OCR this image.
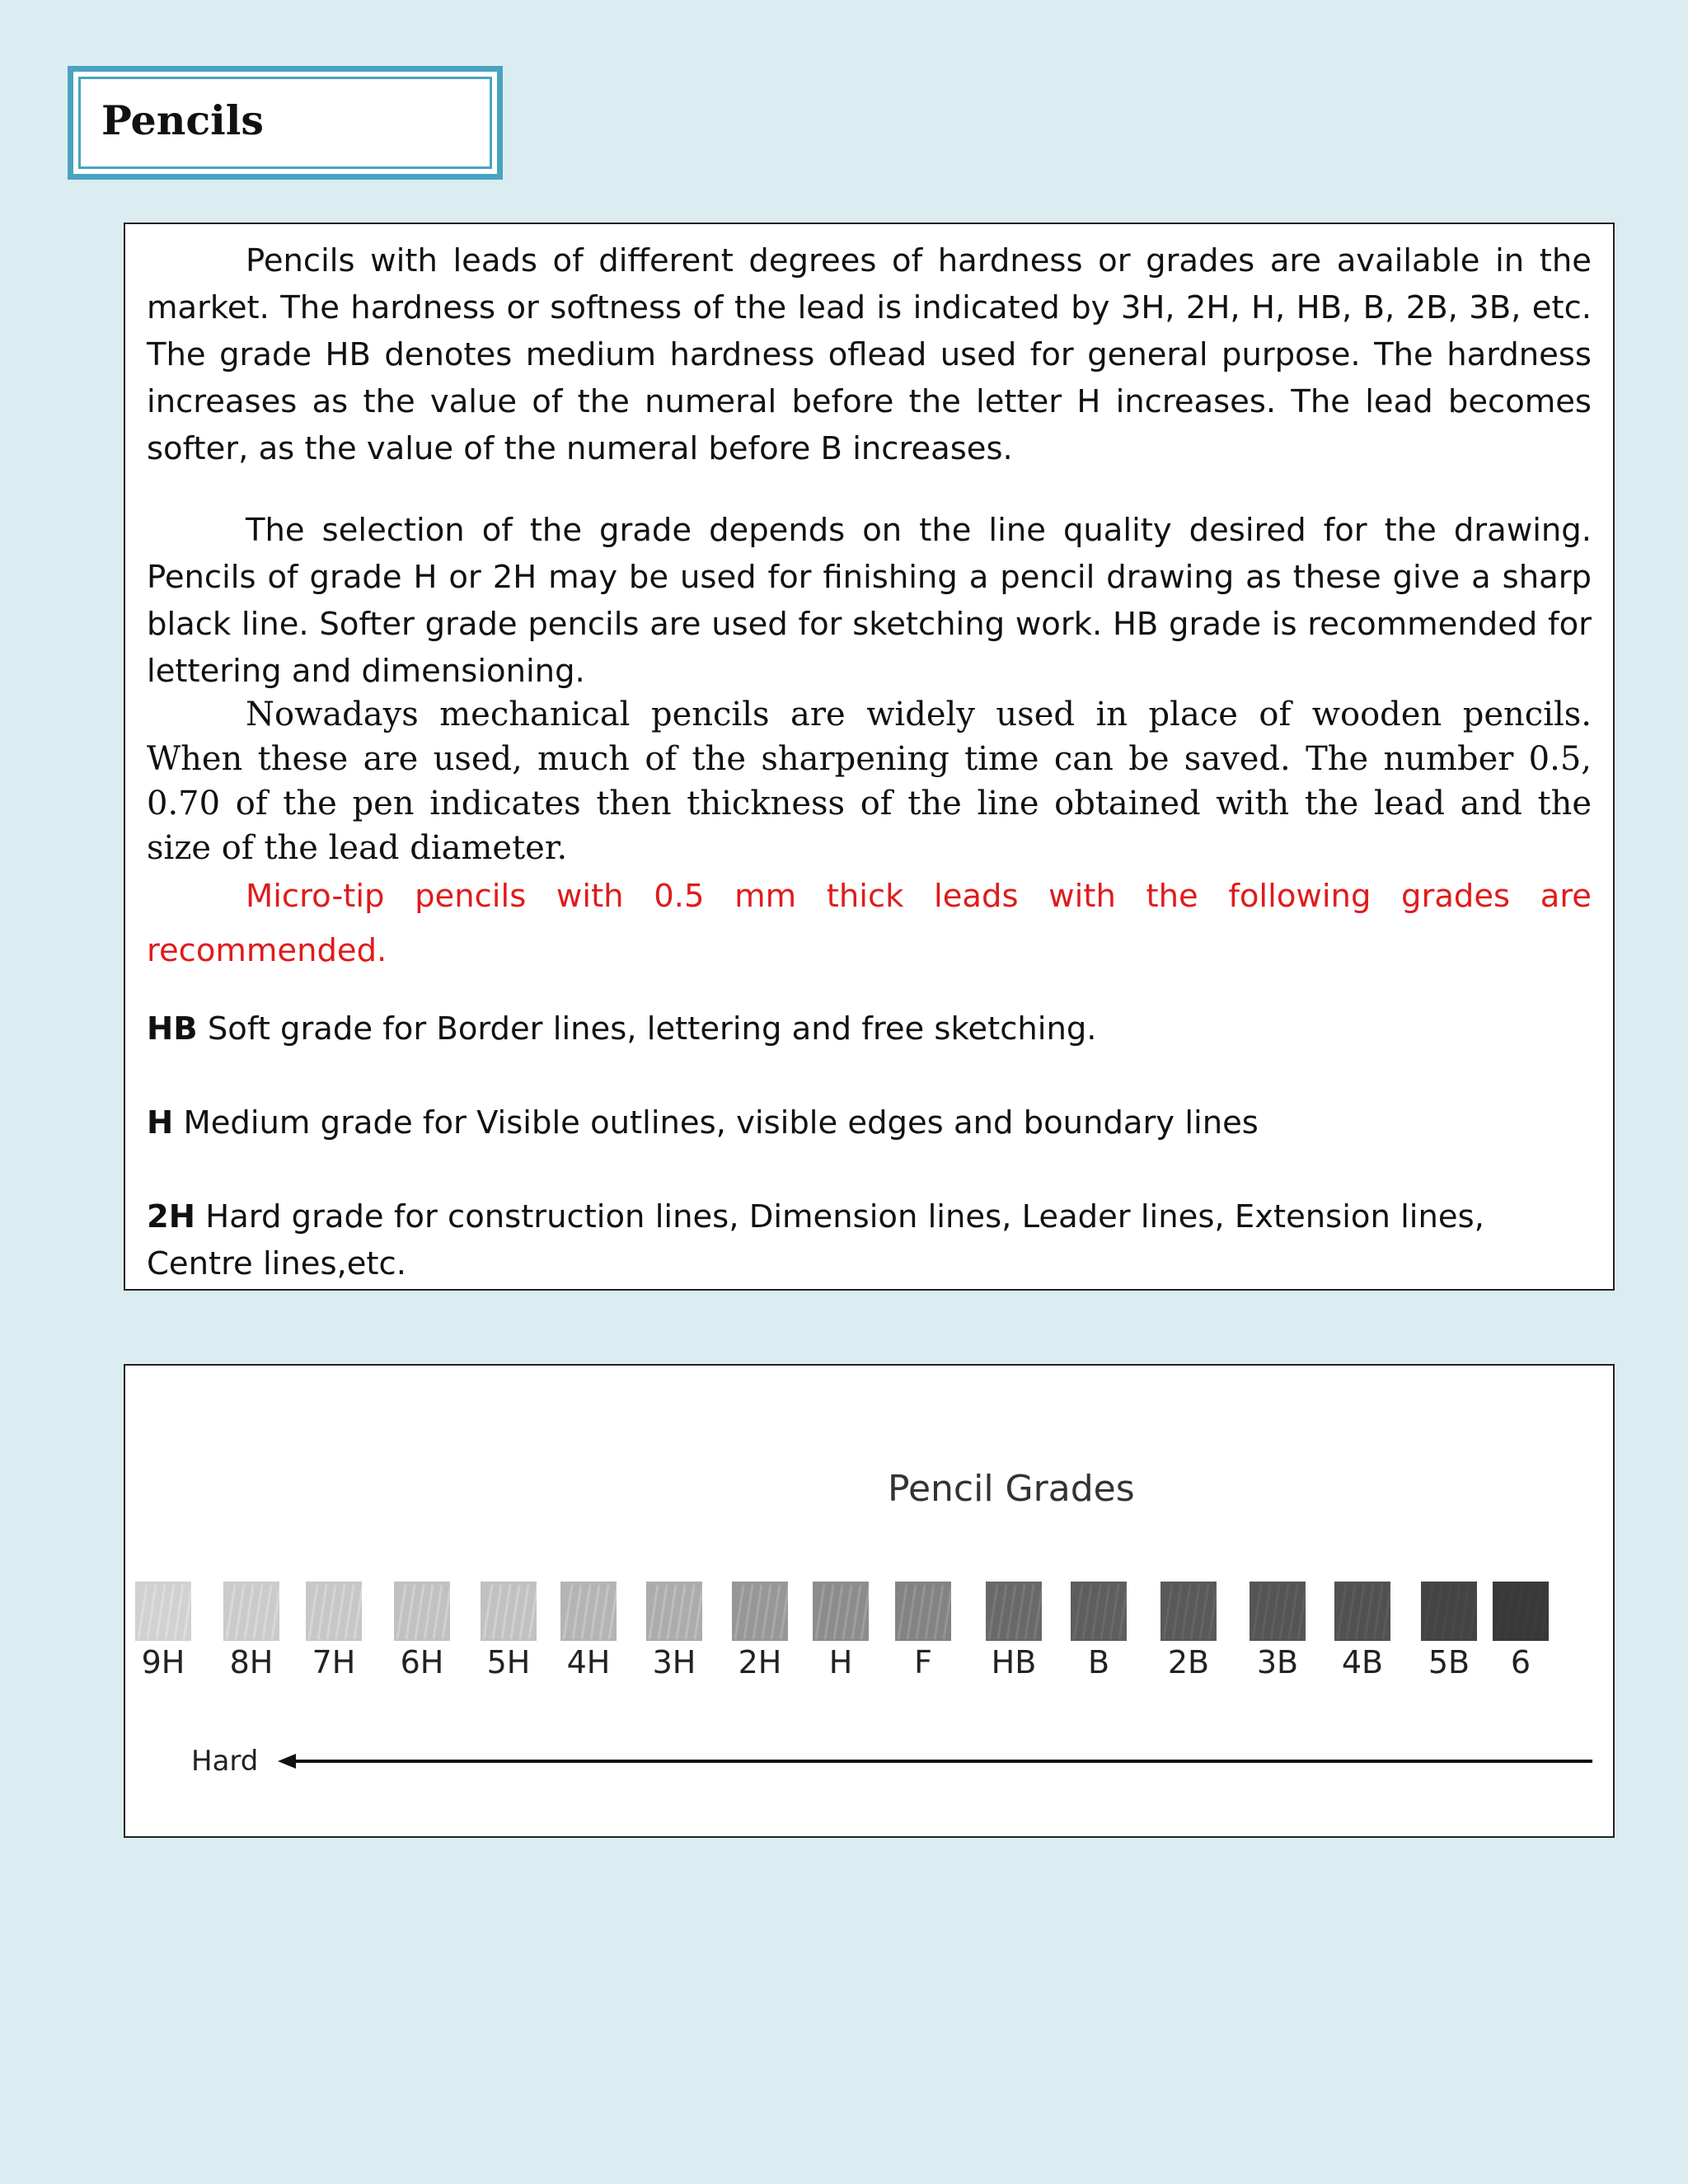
Pencils

Pencils with leads of different degrees of hardness or grades are available in the market. The hardness or softness of the lead is indicated by 3H, 2H, H, HB, B, 2B, 3B, etc. The grade HB denotes medium hardness oflead used for general purpose. The hardness increases as the value of the numeral before the letter H increases. The lead becomes softer, as the value of the numeral before B increases.

The selection of the grade depends on the line quality desired for the drawing. Pencils of grade H or 2H may be used for finishing a pencil drawing as these give a sharp black line. Softer grade pencils are used for sketching work. HB grade is recommended for lettering and dimensioning.

Nowadays mechanical pencils are widely used in place of wooden pencils. When these are used, much of the sharpening time can be saved. The number 0.5, 0.70 of the pen indicates then thickness of the line obtained with the lead and the size of the lead diameter.

Micro-tip pencils with 0.5 mm thick leads with the following grades are
recommended.

HB Soft grade for Border lines, lettering and free sketching.

H Medium grade for Visible outlines, visible edges and boundary lines

2H Hard grade for construction lines, Dimension lines, Leader lines, Extension lines, Centre lines,etc.

Pencil Grades
9H 8H 7H 6H 5H 4H 3H 2H H F HB B 2B 3B 4B 5B 6
Hard
